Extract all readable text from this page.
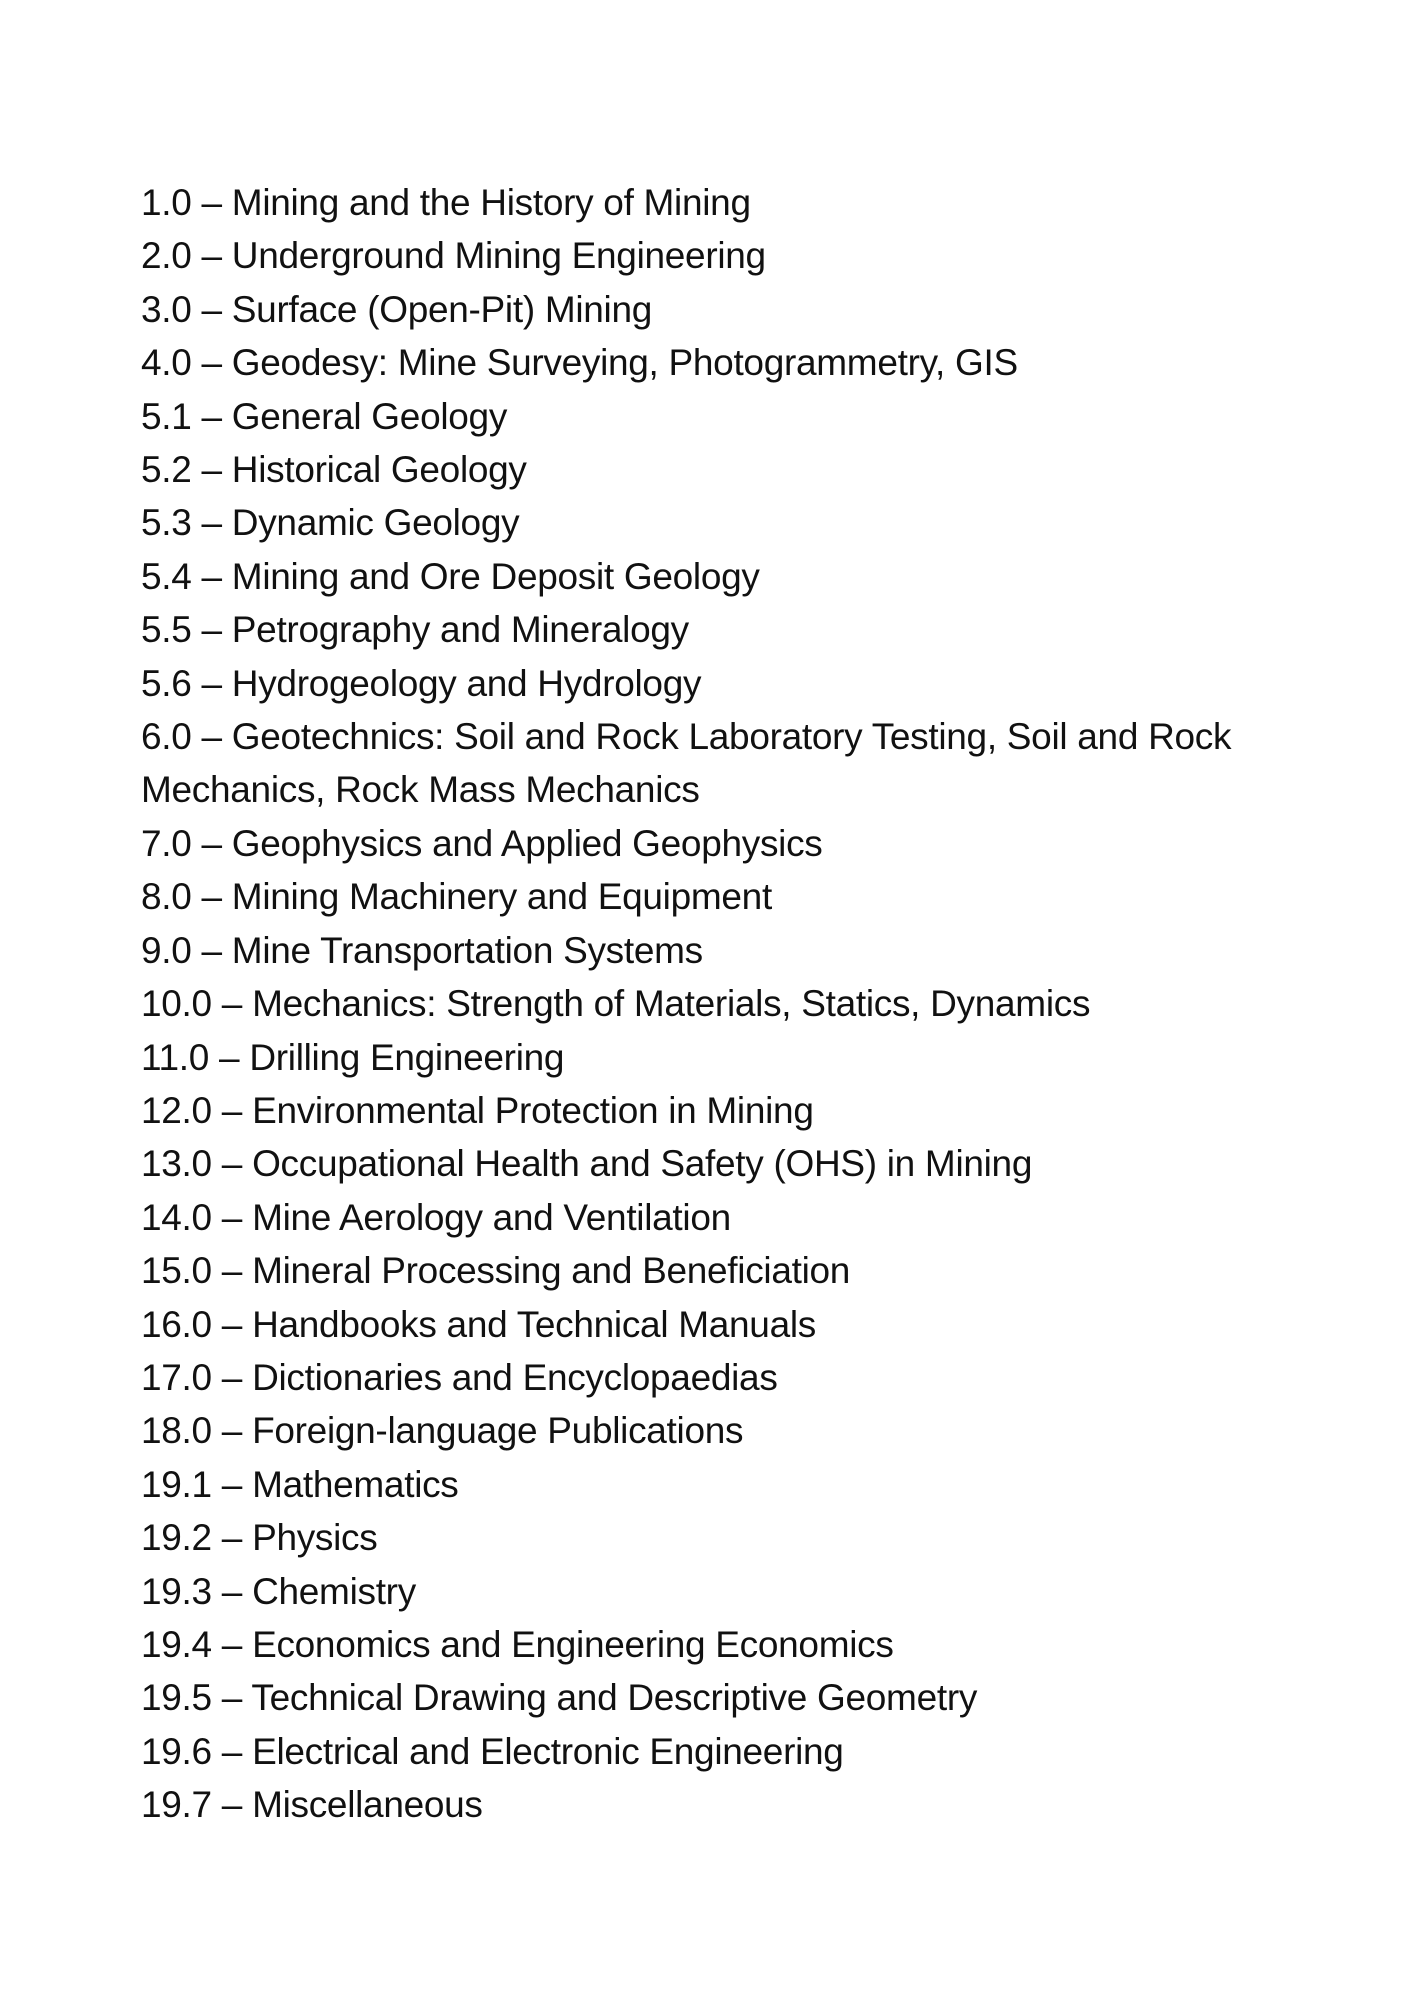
1.0 – Mining and the History of Mining
2.0 – Underground Mining Engineering
3.0 – Surface (Open-Pit) Mining
4.0 – Geodesy: Mine Surveying, Photogrammetry, GIS
5.1 – General Geology
5.2 – Historical Geology
5.3 – Dynamic Geology
5.4 – Mining and Ore Deposit Geology
5.5 – Petrography and Mineralogy
5.6 – Hydrogeology and Hydrology
6.0 – Geotechnics: Soil and Rock Laboratory Testing, Soil and Rock Mechanics, Rock Mass Mechanics
7.0 – Geophysics and Applied Geophysics
8.0 – Mining Machinery and Equipment
9.0 – Mine Transportation Systems
10.0 – Mechanics: Strength of Materials, Statics, Dynamics
11.0 – Drilling Engineering
12.0 – Environmental Protection in Mining
13.0 – Occupational Health and Safety (OHS) in Mining
14.0 – Mine Aerology and Ventilation
15.0 – Mineral Processing and Beneficiation
16.0 – Handbooks and Technical Manuals
17.0 – Dictionaries and Encyclopaedias
18.0 – Foreign-language Publications
19.1 – Mathematics
19.2 – Physics
19.3 – Chemistry
19.4 – Economics and Engineering Economics
19.5 – Technical Drawing and Descriptive Geometry
19.6 – Electrical and Electronic Engineering
19.7 – Miscellaneous
